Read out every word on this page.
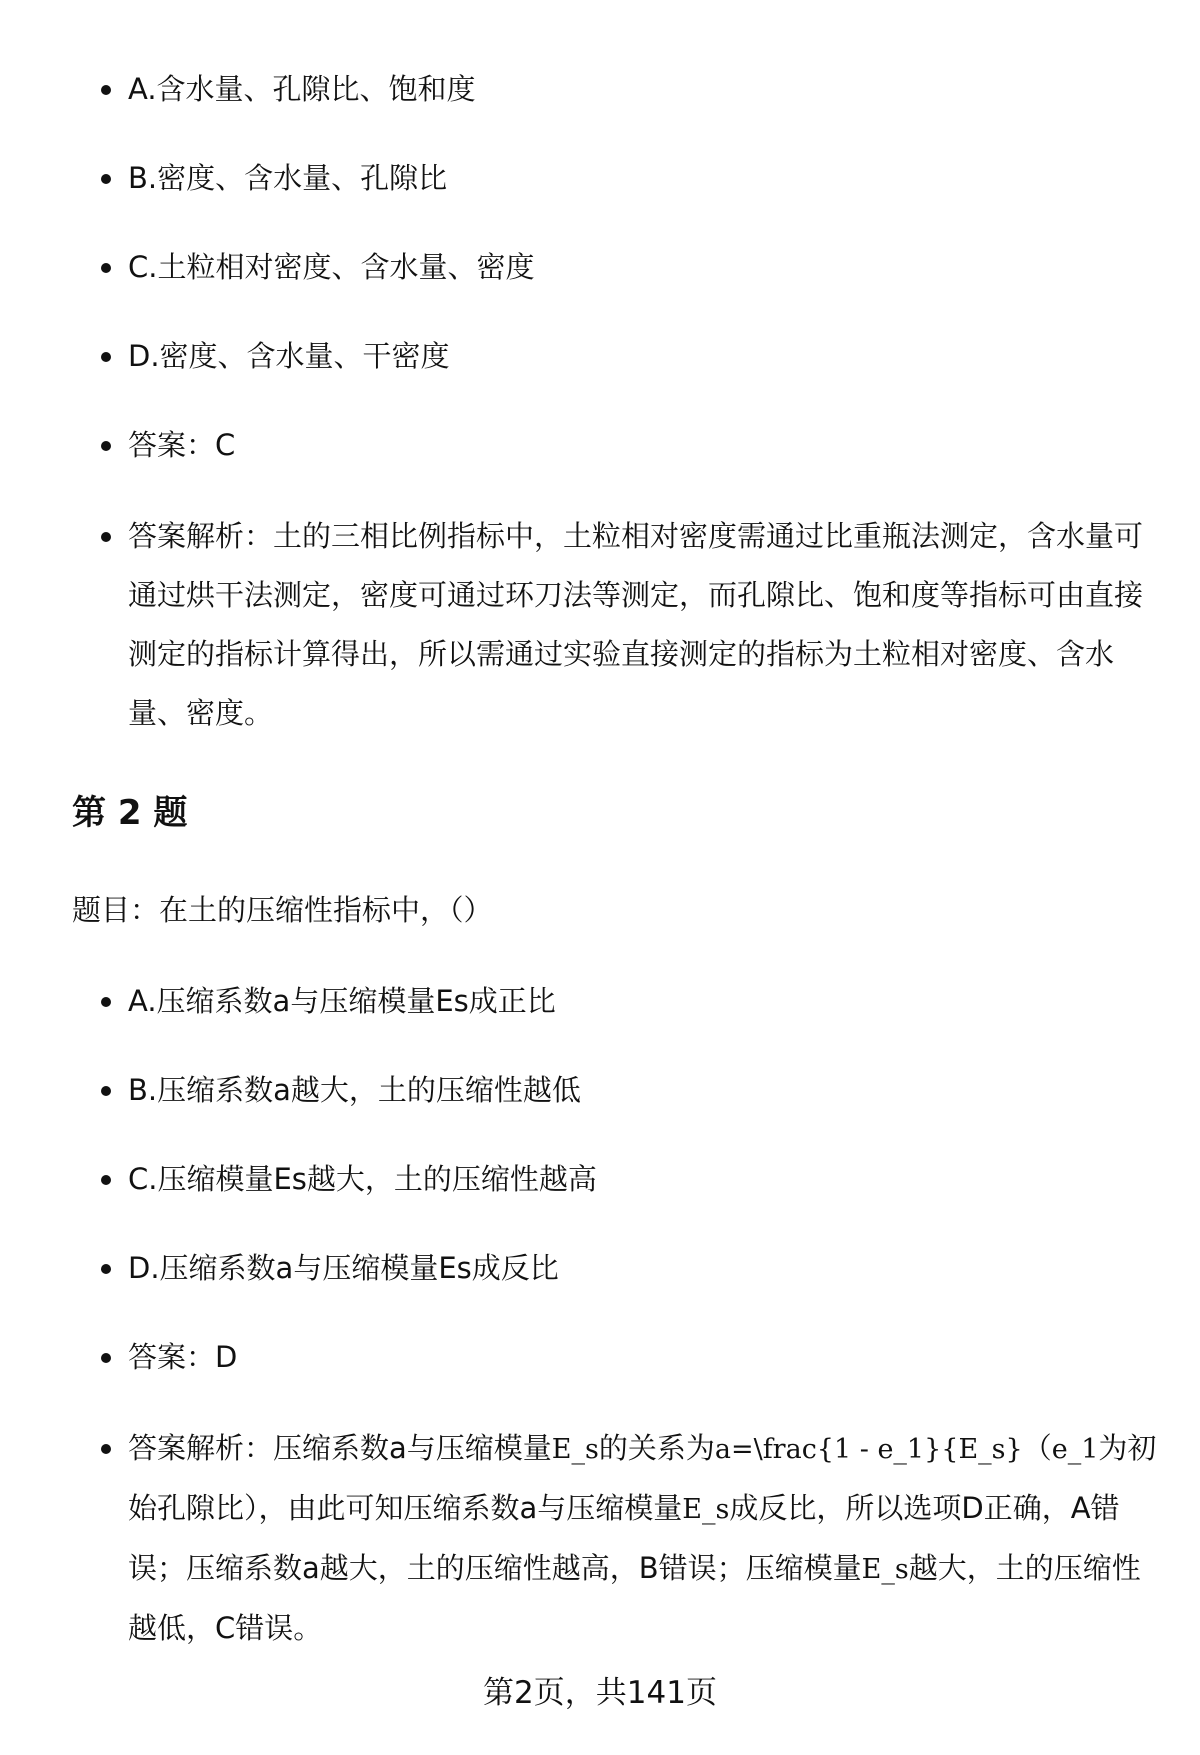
A.含水量、孔隙比、饱和度
B.密度、含水量、孔隙比
C.土粒相对密度、含水量、密度
D.密度、含水量、干密度
答案：C
答案解析：土的三相比例指标中，土粒相对密度需通过比重瓶法测定，含水量可通过烘干法测定，密度可通过环刀法等测定，而孔隙比、饱和度等指标可由直接测定的指标计算得出，所以需通过实验直接测定的指标为土粒相对密度、含水量、密度。
第 2 题

题目：在土的压缩性指标中，（）

A.压缩系数a与压缩模量Es成正比
B.压缩系数a越大，土的压缩性越低
C.压缩模量Es越大，土的压缩性越高
D.压缩系数a与压缩模量Es成反比
答案：D
答案解析：压缩系数a与压缩模量E_s的关系为a=\frac{1 - e_1}{E_s}（e_1为初始孔隙比），由此可知压缩系数a与压缩模量E_s成反比，所以选项D正确，A错误；压缩系数a越大，土的压缩性越高，B错误；压缩模量E_s越大，土的压缩性越低，C错误。
第2页，共141页
